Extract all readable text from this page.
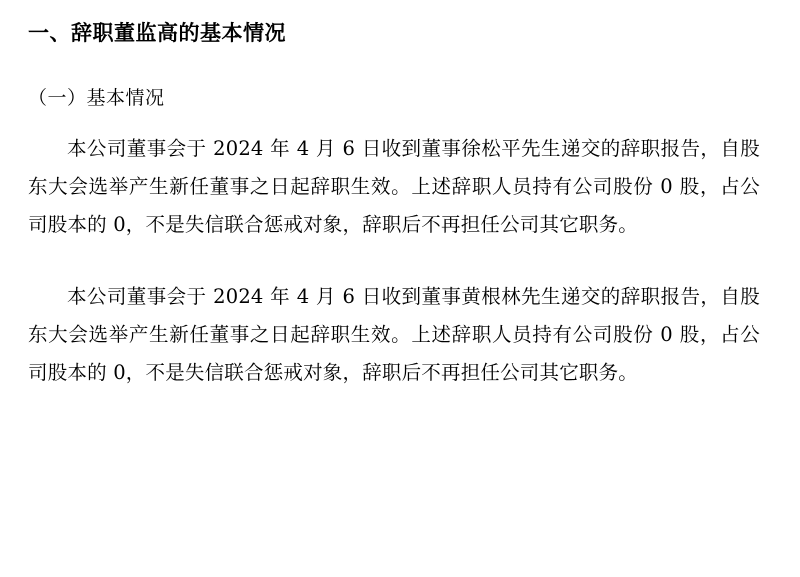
一、辞职董监高的基本情况
（一）基本情况

本公司董事会于 2024 年 4 月 6 日收到董事徐松平先生递交的辞职报告，自股东大会选举产生新任董事之日起辞职生效。上述辞职人员持有公司股份 0 股，占公司股本的 0，不是失信联合惩戒对象，辞职后不再担任公司其它职务。

本公司董事会于 2024 年 4 月 6 日收到董事黄根林先生递交的辞职报告，自股东大会选举产生新任董事之日起辞职生效。上述辞职人员持有公司股份 0 股，占公司股本的 0，不是失信联合惩戒对象，辞职后不再担任公司其它职务。
